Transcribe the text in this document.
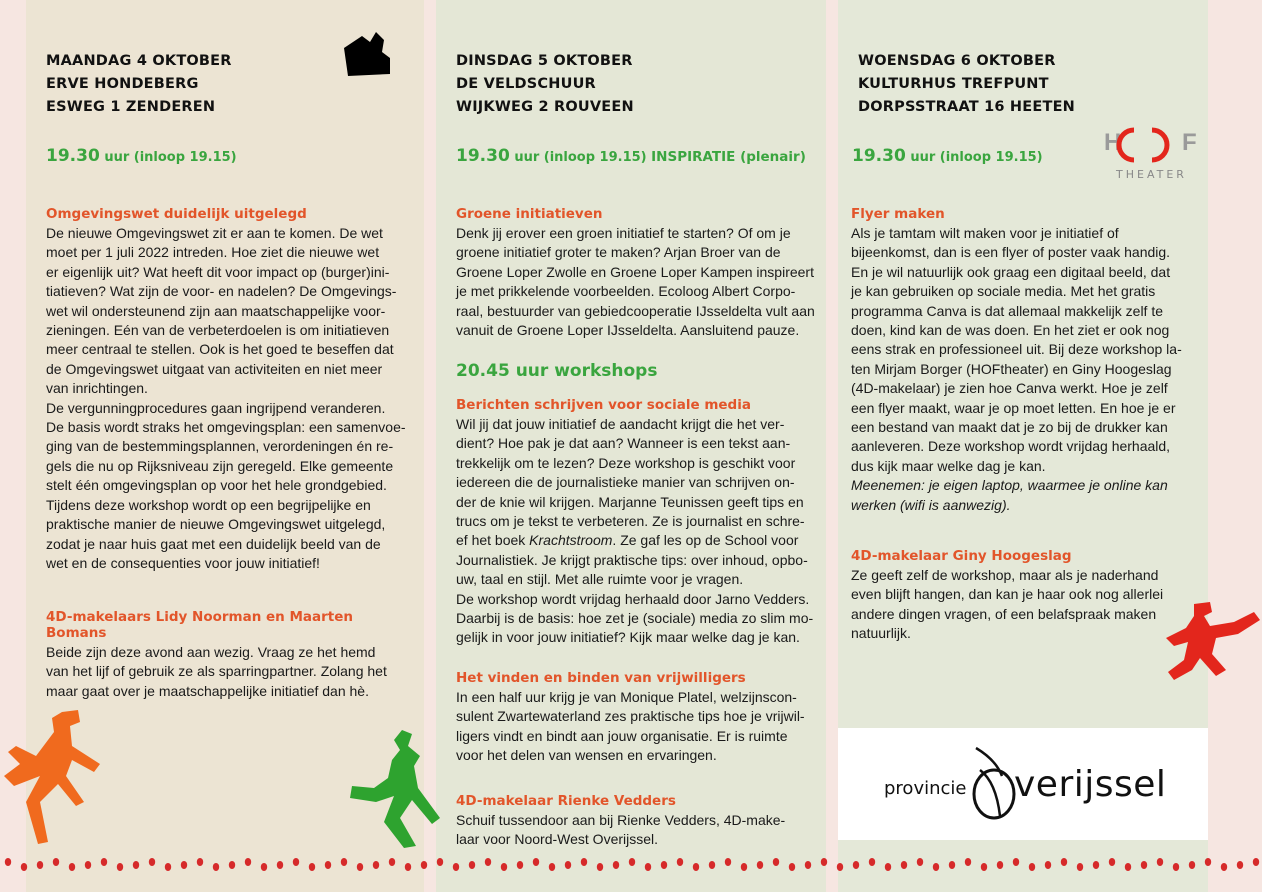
MAANDAG 4 OKTOBER
ERVE HONDEBERG
ESWEG 1 ZENDEREN
19.30 uur (inloop 19.15)
Omgevingswet duidelijk uitgelegd
De nieuwe Omgevingswet zit er aan te komen. De wet
moet per 1 juli 2022 intreden. Hoe ziet die nieuwe wet
er eigenlijk uit? Wat heeft dit voor impact op (burger)ini-
tiatieven? Wat zijn de voor- en nadelen? De Omgevings-
wet wil ondersteunend zijn aan maatschappelijke voor-
zieningen. Eén van de verbeterdoelen is om initiatieven
meer centraal te stellen. Ook is het goed te beseffen dat
de Omgevingswet uitgaat van activiteiten en niet meer
van inrichtingen.
De vergunningprocedures gaan ingrijpend veranderen.
De basis wordt straks het omgevingsplan: een samenvoe-
ging van de bestemmingsplannen, verordeningen én re-
gels die nu op Rijksniveau zijn geregeld. Elke gemeente
stelt één omgevingsplan op voor het hele grondgebied.
Tijdens deze workshop wordt op een begrijpelijke en
praktische manier de nieuwe Omgevingswet uitgelegd,
zodat je naar huis gaat met een duidelijk beeld van de
wet en de consequenties voor jouw initiatief!
4D-makelaars Lidy Noorman en Maarten Bomans
Beide zijn deze avond aan wezig. Vraag ze het hemd
van het lijf of gebruik ze als sparringpartner. Zolang het
maar gaat over je maatschappelijke initiatief dan hè.
DINSDAG 5 OKTOBER
DE VELDSCHUUR
WIJKWEG 2 ROUVEEN
19.30 uur (inloop 19.15) INSPIRATIE (plenair)
Groene initiatieven
Denk jij erover een groen initiatief te starten? Of om je
groene initiatief groter te maken? Arjan Broer van de
Groene Loper Zwolle en Groene Loper Kampen inspireert
je met prikkelende voorbeelden. Ecoloog Albert Corpo-
raal, bestuurder van gebiedcooperatie IJsseldelta vult aan
vanuit de Groene Loper IJsseldelta. Aansluitend pauze.
20.45 uur workshops
Berichten schrijven voor sociale media
Wil jij dat jouw initiatief de aandacht krijgt die het ver-
dient? Hoe pak je dat aan? Wanneer is een tekst aan-
trekkelijk om te lezen? Deze workshop is geschikt voor
iedereen die de journalistieke manier van schrijven on-
der de knie wil krijgen. Marjanne Teunissen geeft tips en
trucs om je tekst te verbeteren. Ze is journalist en schre-
ef het boek Krachtstroom. Ze gaf les op de School voor
Journalistiek. Je krijgt praktische tips: over inhoud, opbo-
uw, taal en stijl. Met alle ruimte voor je vragen.
De workshop wordt vrijdag herhaald door Jarno Vedders.
Daarbij is de basis: hoe zet je (sociale) media zo slim mo-
gelijk in voor jouw initiatief? Kijk maar welke dag je kan.
Het vinden en binden van vrijwilligers
In een half uur krijg je van Monique Platel, welzijnscon-
sulent Zwartewaterland zes praktische tips hoe je vrijwil-
ligers vindt en bindt aan jouw organisatie. Er is ruimte
voor het delen van wensen en ervaringen.
4D-makelaar Rienke Vedders
Schuif tussendoor aan bij Rienke Vedders, 4D-make-
laar voor Noord-West Overijssel.
WOENSDAG 6 OKTOBER
KULTURHUS TREFPUNT
DORPSSTRAAT 16 HEETEN
19.30 uur (inloop 19.15)
Flyer maken
Als je tamtam wilt maken voor je initiatief of
bijeenkomst, dan is een flyer of poster vaak handig.
En je wil natuurlijk ook graag een digitaal beeld, dat
je kan gebruiken op sociale media. Met het gratis
programma Canva is dat allemaal makkelijk zelf te
doen, kind kan de was doen. En het ziet er ook nog
eens strak en professioneel uit. Bij deze workshop la-
ten Mirjam Borger (HOFtheater) en Giny Hoogeslag
(4D-makelaar) je zien hoe Canva werkt. Hoe je zelf
een flyer maakt, waar je op moet letten. En hoe je er
een bestand van maakt dat je zo bij de drukker kan
aanleveren. Deze workshop wordt vrijdag herhaald,
dus kijk maar welke dag je kan.
Meenemen: je eigen laptop, waarmee je online kan
werken (wifi is aanwezig).
4D-makelaar Giny Hoogeslag
Ze geeft zelf de workshop, maar als je naderhand
even blijft hangen, dan kan je haar ook nog allerlei
andere dingen vragen, of een belafspraak maken
natuurlijk.
H	F
THEATER
provincie verijssel
